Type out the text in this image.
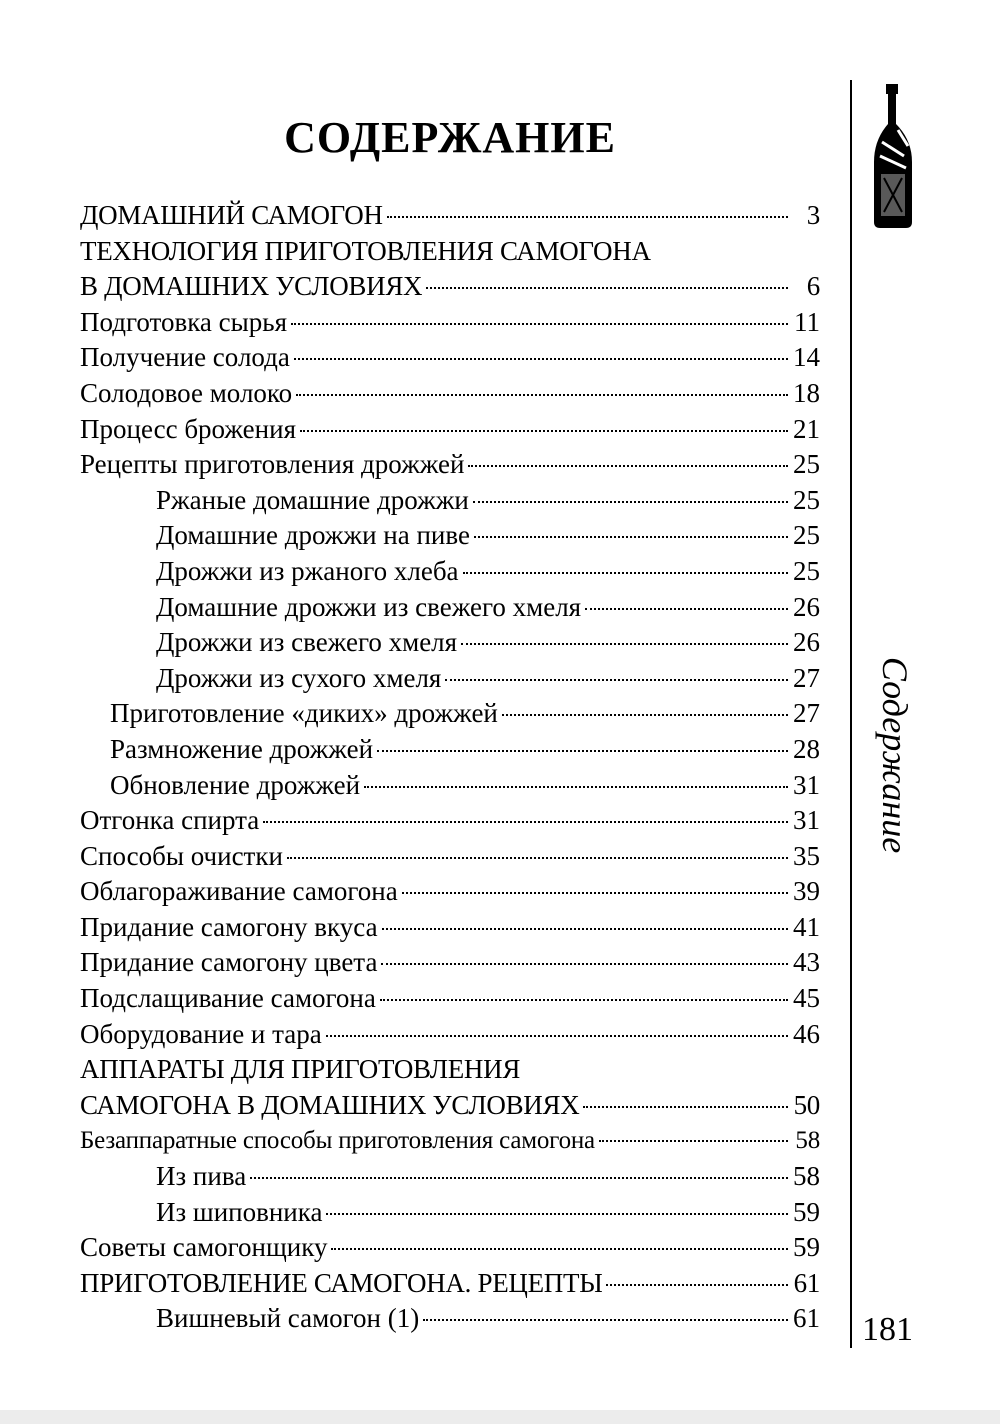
СОДЕРЖАНИЕ
ДОМАШНИЙ САМОГОН	3
ТЕХНОЛОГИЯ ПРИГОТОВЛЕНИЯ САМОГОНА
В ДОМАШНИХ УСЛОВИЯХ	6
Подготовка сырья	11
Получение солода	14
Солодовое молоко	18
Процесс брожения	21
Рецепты приготовления дрожжей	25
Ржаные домашние дрожжи	25
Домашние дрожжи на пиве	25
Дрожжи из ржаного хлеба	25
Домашние дрожжи из свежего хмеля	26
Дрожжи из свежего хмеля	26
Дрожжи из сухого хмеля	27
Приготовление «диких» дрожжей	27
Размножение дрожжей	28
Обновление дрожжей	31
Отгонка спирта	31
Способы очистки	35
Облагораживание самогона	39
Придание самогону вкуса	41
Придание самогону цвета	43
Подслащивание самогона	45
Оборудование и тара	46
АППАРАТЫ ДЛЯ ПРИГОТОВЛЕНИЯ
САМОГОНА В ДОМАШНИХ УСЛОВИЯХ	50
Безаппаратные способы приготовления самогона	58
Из пива	58
Из шиповника	59
Советы самогонщику	59
ПРИГОТОВЛЕНИЕ САМОГОНА. РЕЦЕПТЫ	61
Вишневый самогон (1)	61
Содержание
181
